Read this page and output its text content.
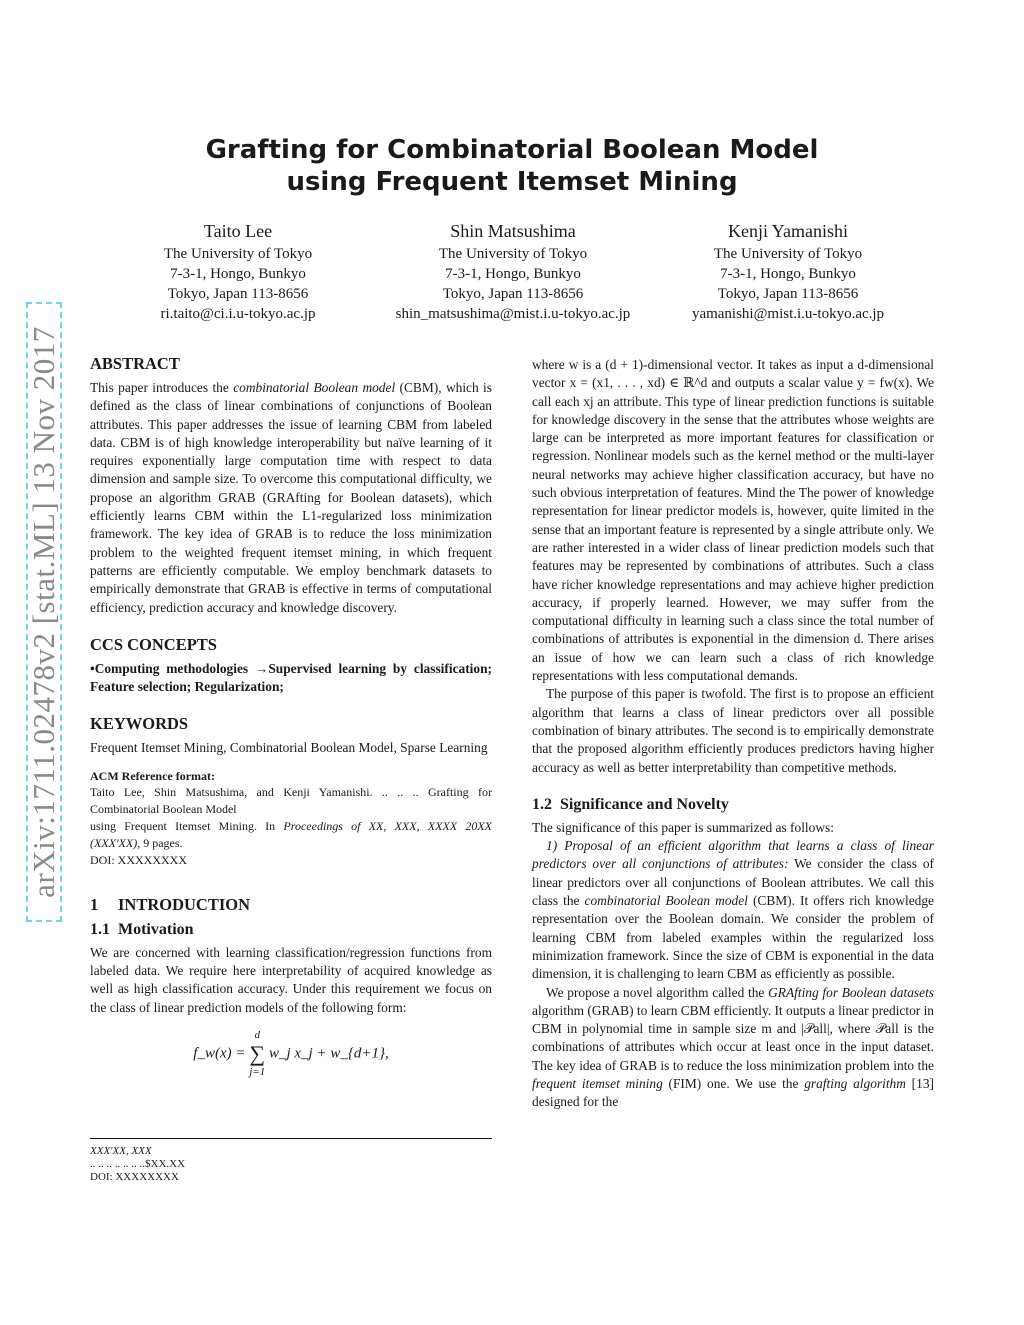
arXiv:1711.02478v2 [stat.ML] 13 Nov 2017
Grafting for Combinatorial Boolean Model
using Frequent Itemset Mining
Taito Lee
The University of Tokyo
7-3-1, Hongo, Bunkyo
Tokyo, Japan 113-8656
ri.taito@ci.i.u-tokyo.ac.jp
Shin Matsushima
The University of Tokyo
7-3-1, Hongo, Bunkyo
Tokyo, Japan 113-8656
shin_matsushima@mist.i.u-tokyo.ac.jp
Kenji Yamanishi
The University of Tokyo
7-3-1, Hongo, Bunkyo
Tokyo, Japan 113-8656
yamanishi@mist.i.u-tokyo.ac.jp
ABSTRACT

This paper introduces the combinatorial Boolean model (CBM), which is defined as the class of linear combinations of conjunctions of Boolean attributes. This paper addresses the issue of learning CBM from labeled data. CBM is of high knowledge interoperability but naïve learning of it requires exponentially large computation time with respect to data dimension and sample size. To overcome this computational difficulty, we propose an algorithm GRAB (GRAfting for Boolean datasets), which efficiently learns CBM within the L1-regularized loss minimization framework. The key idea of GRAB is to reduce the loss minimization problem to the weighted frequent itemset mining, in which frequent patterns are efficiently computable. We employ benchmark datasets to empirically demonstrate that GRAB is effective in terms of computational efficiency, prediction accuracy and knowledge discovery.

CCS CONCEPTS

•Computing methodologies →Supervised learning by classification; Feature selection; Regularization;

KEYWORDS

Frequent Itemset Mining, Combinatorial Boolean Model, Sparse Learning

ACM Reference format:
Taito Lee, Shin Matsushima, and Kenji Yamanishi. .. .. .. Grafting for Combinatorial Boolean Model
using Frequent Itemset Mining. In Proceedings of XX, XXX, XXXX 20XX (XXX'XX), 9 pages.
DOI: XXXXXXXX
1 INTRODUCTION
1.1 Motivation

We are concerned with learning classification/regression functions from labeled data. We require here interpretability of acquired knowledge as well as high classification accuracy. Under this requirement we focus on the class of linear prediction models of the following form:

f_w(x) =
d
∑
j=1
w_j x_j + w_{d+1},
XXX'XX, XXX
.. .. .. .. .. .. ..$XX.XX
DOI: XXXXXXXX

where w is a (d + 1)-dimensional vector. It takes as input a d-dimensional vector x = (x1, . . . , xd) ∈ ℝ^d and outputs a scalar value y = fw(x). We call each xj an attribute. This type of linear prediction functions is suitable for knowledge discovery in the sense that the attributes whose weights are large can be interpreted as more important features for classification or regression. Nonlinear models such as the kernel method or the multi-layer neural networks may achieve higher classification accuracy, but have no such obvious interpretation of features. Mind the The power of knowledge representation for linear predictor models is, however, quite limited in the sense that an important feature is represented by a single attribute only. We are rather interested in a wider class of linear prediction models such that features may be represented by combinations of attributes. Such a class have richer knowledge representations and may achieve higher prediction accuracy, if properly learned. However, we may suffer from the computational difficulty in learning such a class since the total number of combinations of attributes is exponential in the dimension d. There arises an issue of how we can learn such a class of rich knowledge representations with less computational demands.

The purpose of this paper is twofold. The first is to propose an efficient algorithm that learns a class of linear predictors over all possible combination of binary attributes. The second is to empirically demonstrate that the proposed algorithm efficiently produces predictors having higher accuracy as well as better interpretability than competitive methods.

1.2 Significance and Novelty

The significance of this paper is summarized as follows:

1) Proposal of an efficient algorithm that learns a class of linear predictors over all conjunctions of attributes: We consider the class of linear predictors over all conjunctions of Boolean attributes. We call this class the combinatorial Boolean model (CBM). It offers rich knowledge representation over the Boolean domain. We consider the problem of learning CBM from labeled examples within the regularized loss minimization framework. Since the size of CBM is exponential in the data dimension, it is challenging to learn CBM as efficiently as possible.

We propose a novel algorithm called the GRAfting for Boolean datasets algorithm (GRAB) to learn CBM efficiently. It outputs a linear predictor in CBM in polynomial time in sample size m and |𝒫all|, where 𝒫all is the combinations of attributes which occur at least once in the input dataset. The key idea of GRAB is to reduce the loss minimization problem into the frequent itemset mining (FIM) one. We use the grafting algorithm [13] designed for the
